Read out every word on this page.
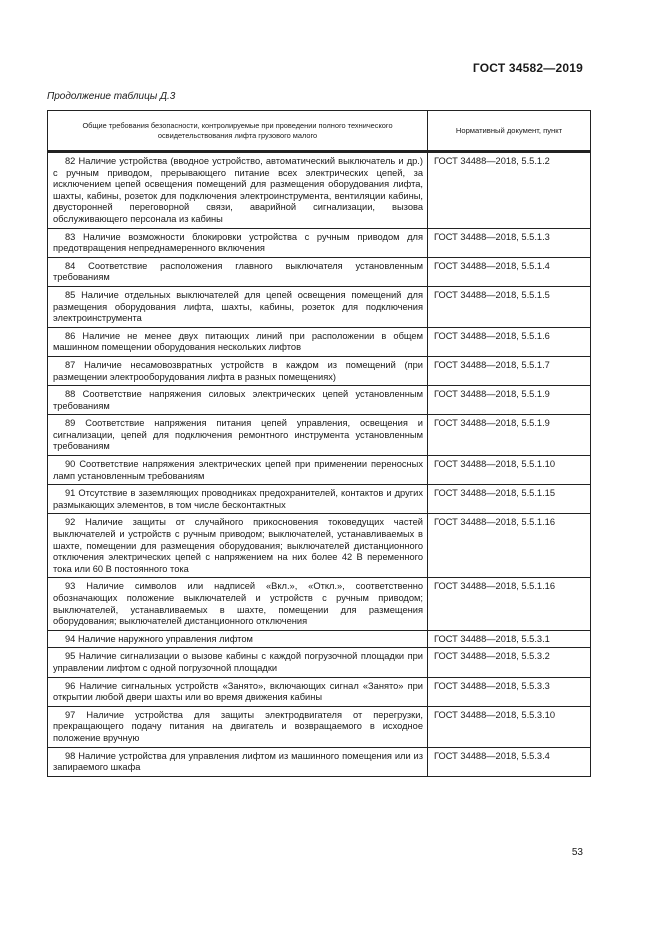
ГОСТ 34582—2019
Продолжение таблицы Д.3
Общие требования безопасности, контролируемые при проведении полного технического освидетельствования лифта грузового малого	Нормативный документ, пункт

82 Наличие устройства (вводное устройство, автоматический выключатель и др.) с ручным приводом, прерывающего питание всех электрических цепей, за исключением цепей освещения помещений для размещения оборудования лифта, шахты, кабины, розеток для подключения электроинструмента, вентиляции кабины, двусторонней переговорной связи, аварийной сигнализации, вызова обслуживающего персонала из кабины	ГОСТ 34488—2018, 5.5.1.2
83 Наличие возможности блокировки устройства с ручным приводом для предотвращения непреднамеренного включения	ГОСТ 34488—2018, 5.5.1.3
84 Соответствие расположения главного выключателя установленным требованиям	ГОСТ 34488—2018, 5.5.1.4
85 Наличие отдельных выключателей для цепей освещения помещений для размещения оборудования лифта, шахты, кабины, розеток для подключения электроинструмента	ГОСТ 34488—2018, 5.5.1.5
86 Наличие не менее двух питающих линий при расположении в общем машинном помещении оборудования нескольких лифтов	ГОСТ 34488—2018, 5.5.1.6
87 Наличие несамовозвратных устройств в каждом из помещений (при размещении электрооборудования лифта в разных помещениях)	ГОСТ 34488—2018, 5.5.1.7
88 Соответствие напряжения силовых электрических цепей установленным требованиям	ГОСТ 34488—2018, 5.5.1.9
89 Соответствие напряжения питания цепей управления, освещения и сигнализации, цепей для подключения ремонтного инструмента установленным требованиям	ГОСТ 34488—2018, 5.5.1.9
90 Соответствие напряжения электрических цепей при применении переносных ламп установленным требованиям	ГОСТ 34488—2018, 5.5.1.10
91 Отсутствие в заземляющих проводниках предохранителей, контактов и других размыкающих элементов, в том числе бесконтактных	ГОСТ 34488—2018, 5.5.1.15
92 Наличие защиты от случайного прикосновения токоведущих частей выключателей и устройств с ручным приводом; выключателей, устанавливаемых в шахте, помещении для размещения оборудования; выключателей дистанционного отключения электрических цепей с напряжением на них более 42 В переменного тока или 60 В постоянного тока	ГОСТ 34488—2018, 5.5.1.16
93 Наличие символов или надписей «Вкл.», «Откл.», соответственно обозначающих положение выключателей и устройств с ручным приводом; выключателей, устанавливаемых в шахте, помещении для размещения оборудования; выключателей дистанционного отключения	ГОСТ 34488—2018, 5.5.1.16
94 Наличие наружного управления лифтом	ГОСТ 34488—2018, 5.5.3.1
95 Наличие сигнализации о вызове кабины с каждой погрузочной площадки при управлении лифтом с одной погрузочной площадки	ГОСТ 34488—2018, 5.5.3.2
96 Наличие сигнальных устройств «Занято», включающих сигнал «Занято» при открытии любой двери шахты или во время движения кабины	ГОСТ 34488—2018, 5.5.3.3
97 Наличие устройства для защиты электродвигателя от перегрузки, прекращающего подачу питания на двигатель и возвращаемого в исходное положение вручную	ГОСТ 34488—2018, 5.5.3.10
98 Наличие устройства для управления лифтом из машинного помещения или из запираемого шкафа	ГОСТ 34488—2018, 5.5.3.4
53
